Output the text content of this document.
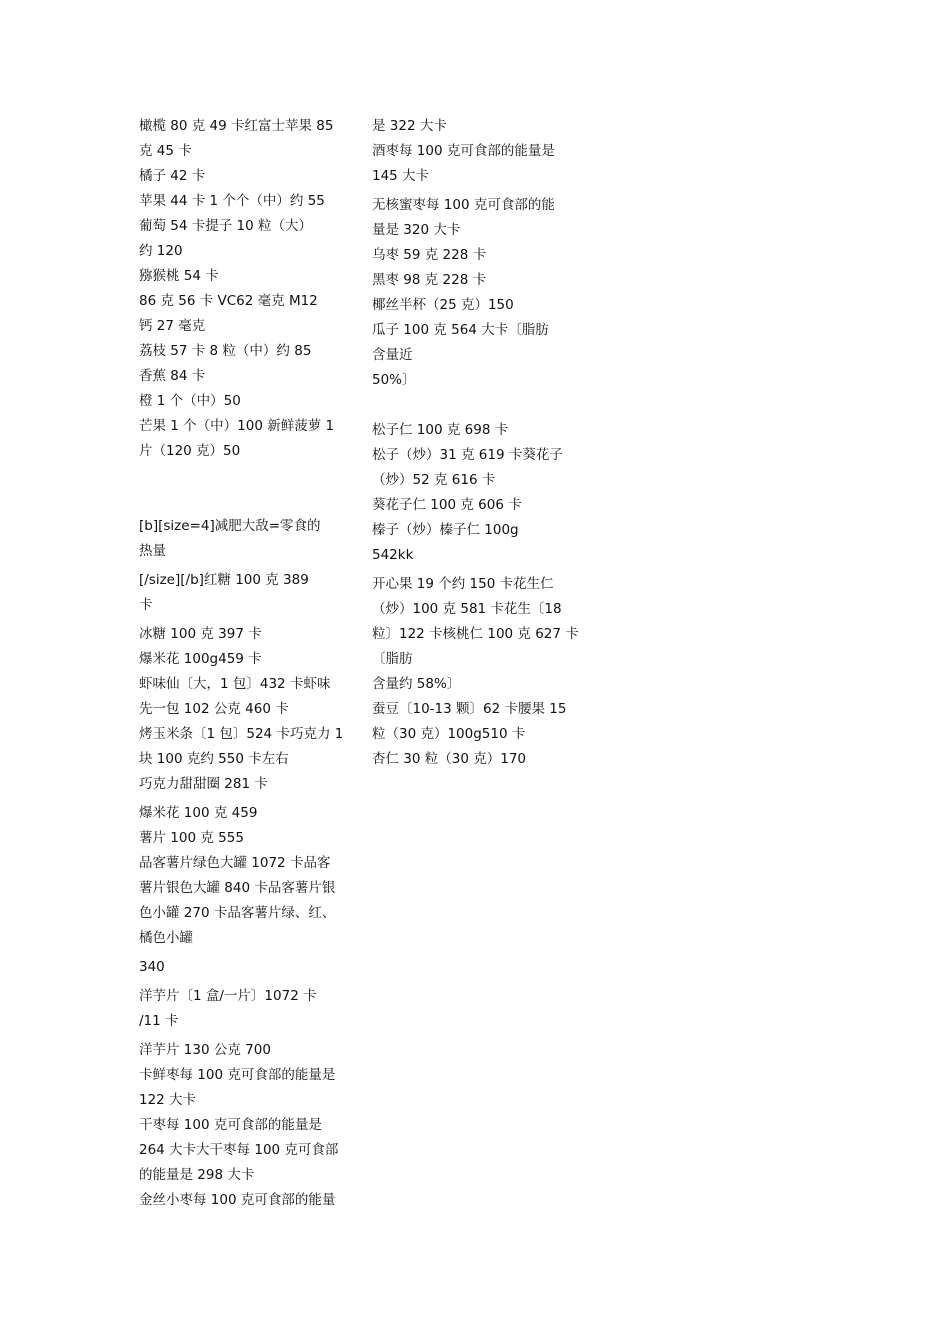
橄榄 80 克 49 卡红富士苹果 85
克 45 卡
橘子 42 卡
苹果 44 卡 1 个个（中）约 55
葡萄 54 卡提子 10 粒（大）
约 120
猕猴桃 54 卡
86 克 56 卡 VC62 毫克 M12
钙 27 毫克
荔枝 57 卡 8 粒（中）约 85
香蕉 84 卡
橙 1 个（中）50
芒果 1 个（中）100 新鲜菠萝 1
片（120 克）50
[b][size=4]减肥大敌=零食的
热量
[/size][/b]红糖 100 克 389
卡
冰糖 100 克 397 卡
爆米花 100g459 卡
虾味仙〔大，1 包〕432 卡虾味
先一包 102 公克 460 卡
烤玉米条〔1 包〕524 卡巧克力 1
块 100 克约 550 卡左右
巧克力甜甜圈 281 卡
爆米花 100 克 459
薯片 100 克 555
品客薯片绿色大罐 1072 卡品客
薯片银色大罐 840 卡品客薯片银
色小罐 270 卡品客薯片绿、红、
橘色小罐
340
洋芋片〔1 盒/一片〕1072 卡
/11 卡
洋芋片 130 公克 700
卡鲜枣每 100 克可食部的能量是
122 大卡
干枣每 100 克可食部的能量是
264 大卡大干枣每 100 克可食部
的能量是 298 大卡
金丝小枣每 100 克可食部的能量
是 322 大卡
酒枣每 100 克可食部的能量是
145 大卡
无核蜜枣每 100 克可食部的能
量是 320 大卡
乌枣 59 克 228 卡
黑枣 98 克 228 卡
椰丝半杯（25 克）150
瓜子 100 克 564 大卡〔脂肪
含量近
50%〕
松子仁 100 克 698 卡
松子（炒）31 克 619 卡葵花子
（炒）52 克 616 卡
葵花子仁 100 克 606 卡
榛子（炒）榛子仁 100g
542kk
开心果 19 个约 150 卡花生仁
（炒）100 克 581 卡花生〔18
粒〕122 卡核桃仁 100 克 627 卡
〔脂肪
含量约 58%〕
蚕豆〔10-13 颗〕62 卡腰果 15
粒（30 克）100g510 卡
杏仁 30 粒（30 克）170
